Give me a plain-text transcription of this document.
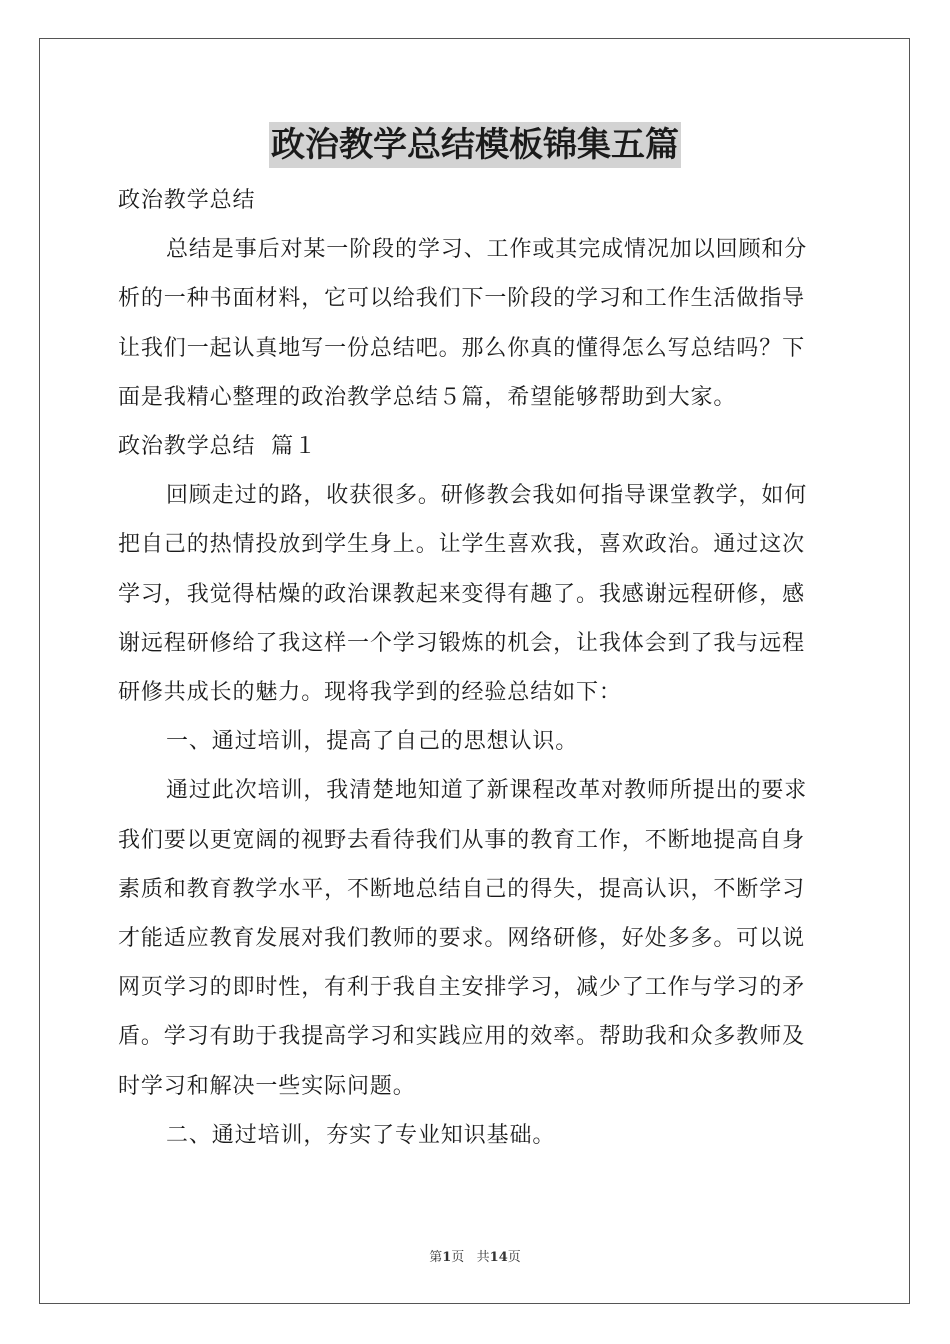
政治教学总结模板锦集五篇
政治教学总结
总结是事后对某一阶段的学习、工作或其完成情况加以回顾和分
析的一种书面材料，它可以给我们下一阶段的学习和工作生活做指导
让我们一起认真地写一份总结吧。那么你真的懂得怎么写总结吗？下
面是我精心整理的政治教学总结５篇，希望能够帮助到大家。
政治教学总结  篇１
回顾走过的路，收获很多。研修教会我如何指导课堂教学，如何
把自己的热情投放到学生身上。让学生喜欢我，喜欢政治。通过这次
学习，我觉得枯燥的政治课教起来变得有趣了。我感谢远程研修，感
谢远程研修给了我这样一个学习锻炼的机会，让我体会到了我与远程
研修共成长的魅力。现将我学到的经验总结如下：
一、通过培训，提高了自己的思想认识。
通过此次培训，我清楚地知道了新课程改革对教师所提出的要求
我们要以更宽阔的视野去看待我们从事的教育工作，不断地提高自身
素质和教育教学水平，不断地总结自己的得失，提高认识，不断学习
才能适应教育发展对我们教师的要求。网络研修，好处多多。可以说
网页学习的即时性，有利于我自主安排学习，减少了工作与学习的矛
盾。学习有助于我提高学习和实践应用的效率。帮助我和众多教师及
时学习和解决一些实际问题。
二、通过培训，夯实了专业知识基础。
第1页   共14页
